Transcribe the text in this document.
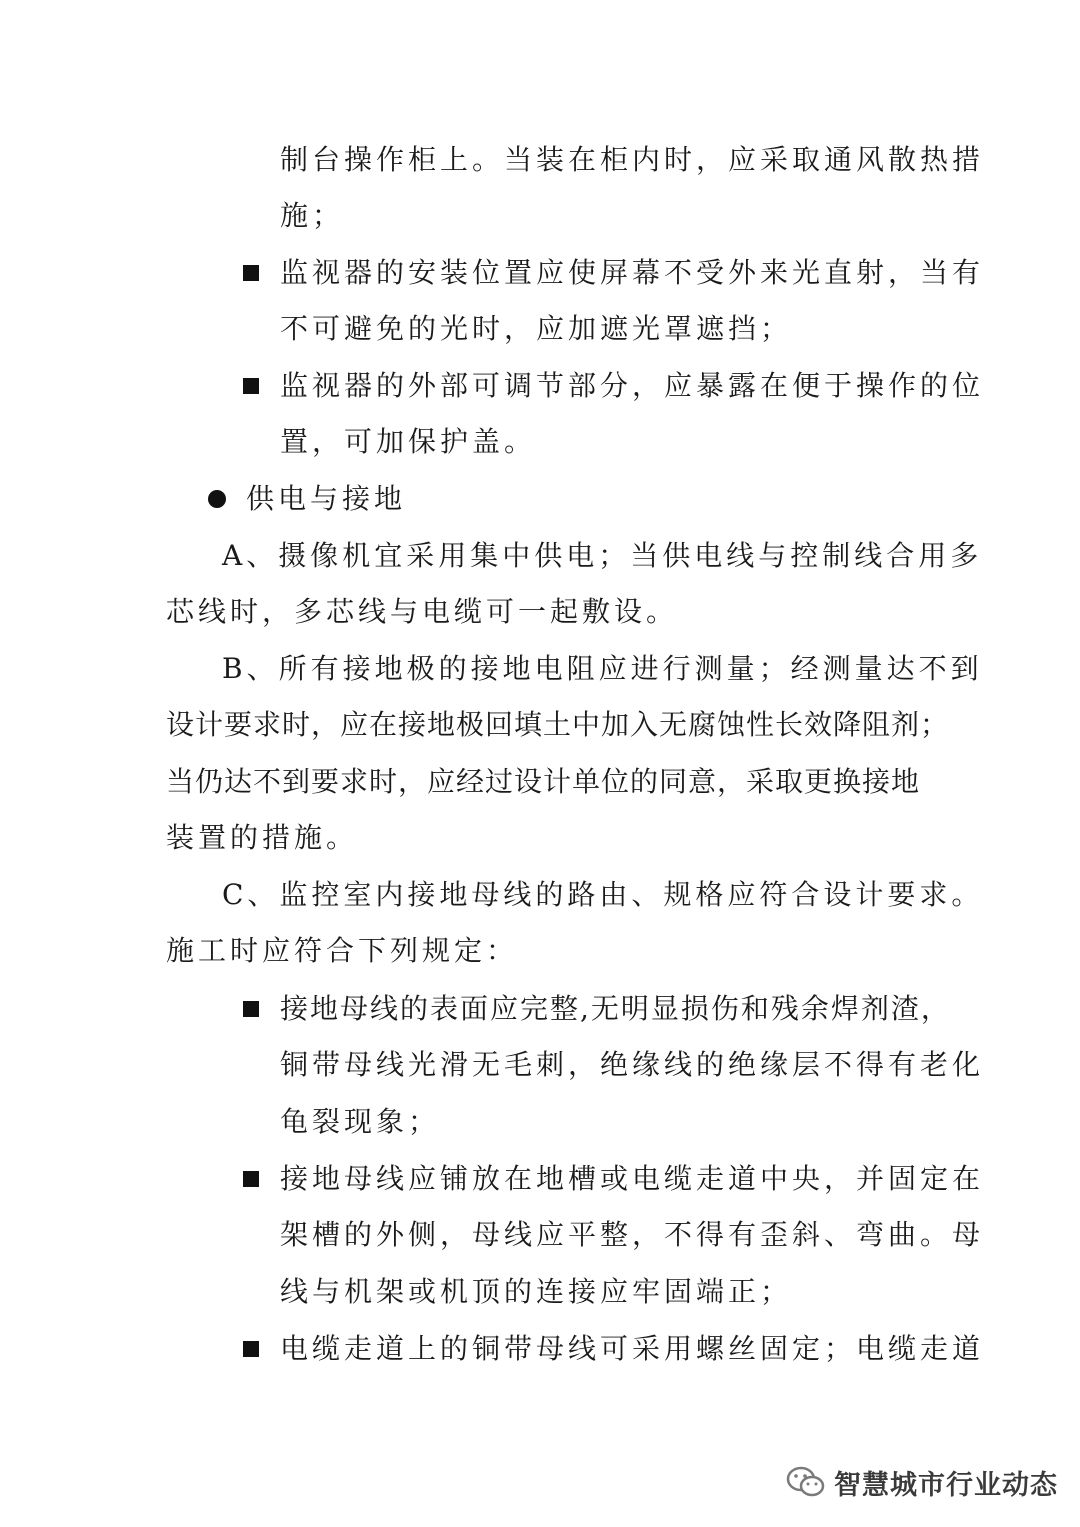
制台操作柜上。当装在柜内时，应采取通风散热措
施；
监视器的安装位置应使屏幕不受外来光直射，当有
不可避免的光时，应加遮光罩遮挡；
监视器的外部可调节部分，应暴露在便于操作的位
置，可加保护盖。
供电与接地
A、摄像机宜采用集中供电；当供电线与控制线合用多
芯线时，多芯线与电缆可一起敷设。
B、所有接地极的接地电阻应进行测量；经测量达不到
设计要求时，应在接地极回填土中加入无腐蚀性长效降阻剂；
当仍达不到要求时，应经过设计单位的同意，采取更换接地
装置的措施。
C、监控室内接地母线的路由、规格应符合设计要求。
施工时应符合下列规定：
接地母线的表面应完整,无明显损伤和残余焊剂渣，
铜带母线光滑无毛刺，绝缘线的绝缘层不得有老化
龟裂现象；
接地母线应铺放在地槽或电缆走道中央，并固定在
架槽的外侧，母线应平整，不得有歪斜、弯曲。母
线与机架或机顶的连接应牢固端正；
电缆走道上的铜带母线可采用螺丝固定；电缆走道
智慧城市行业动态
